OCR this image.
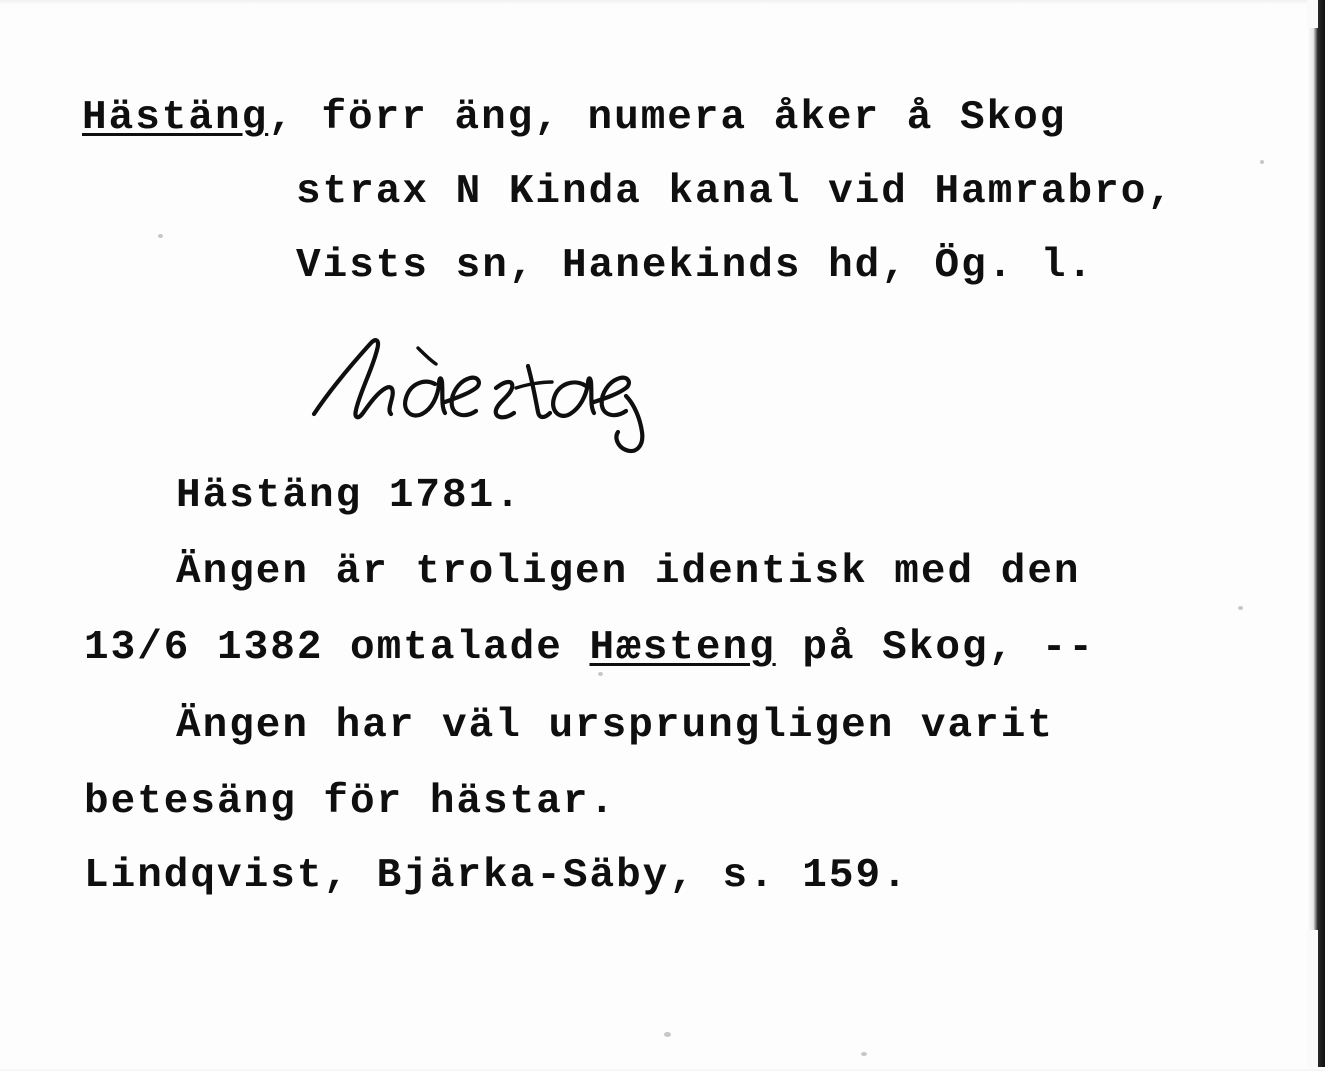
Hästäng, förr äng, numera åker å Skog
strax N Kinda kanal vid Hamrabro,
Vists sn, Hanekinds hd, Ög. l.
Hästäng 1781.
Ängen är troligen identisk med den
13/6 1382 omtalade Hæsteng på Skog, --
Ängen har väl ursprungligen varit
betesäng för hästar.
Lindqvist, Bjärka-Säby, s. 159.
